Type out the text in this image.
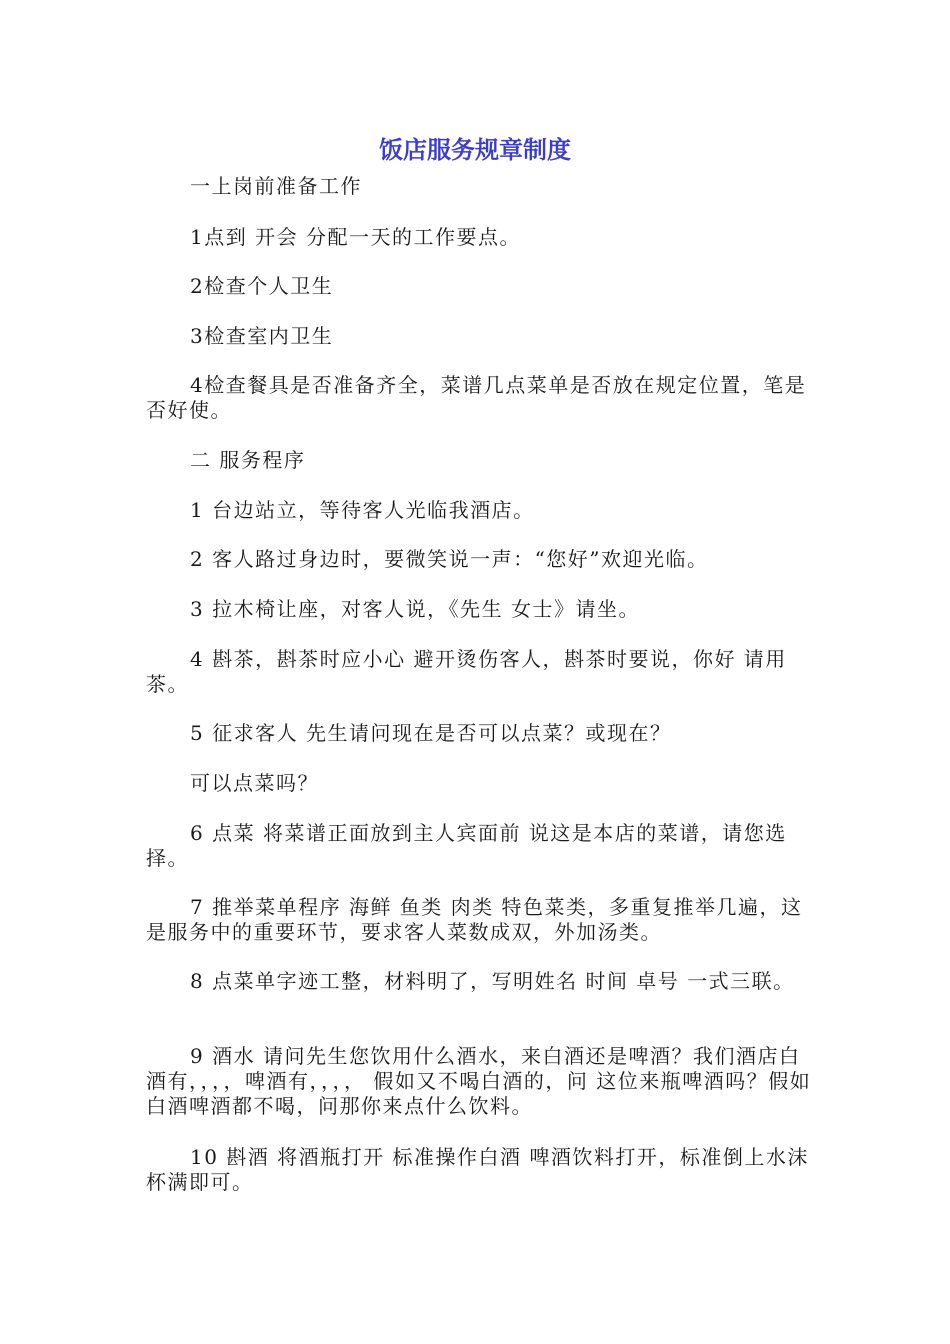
饭店服务规章制度

一上岗前准备工作

1点到 开会 分配一天的工作要点。

2检查个人卫生

3检查室内卫生

4检查餐具是否准备齐全，菜谱几点菜单是否放在规定位置，笔是否好使。

二 服务程序

1 台边站立，等待客人光临我酒店。

2 客人路过身边时，要微笑说一声：“您好”欢迎光临。

3 拉木椅让座，对客人说，《先生 女士》请坐。

4 斟茶，斟茶时应小心 避开烫伤客人，斟茶时要说，你好 请用茶。

5 征求客人 先生请问现在是否可以点菜？或现在？

可以点菜吗？

6 点菜 将菜谱正面放到主人宾面前 说这是本店的菜谱，请您选择。

7 推举菜单程序 海鲜 鱼类 肉类 特色菜类，多重复推举几遍，这是服务中的重要环节，要求客人菜数成双，外加汤类。

8 点菜单字迹工整，材料明了，写明姓名 时间 卓号 一式三联。

9 酒水 请问先生您饮用什么酒水，来白酒还是啤酒？我们酒店白酒有，，，，啤酒有，，，， 假如又不喝白酒的，问 这位来瓶啤酒吗？假如白酒啤酒都不喝，问那你来点什么饮料。

10 斟酒 将酒瓶打开 标准操作白酒 啤酒饮料打开，标准倒上水沫杯满即可。
